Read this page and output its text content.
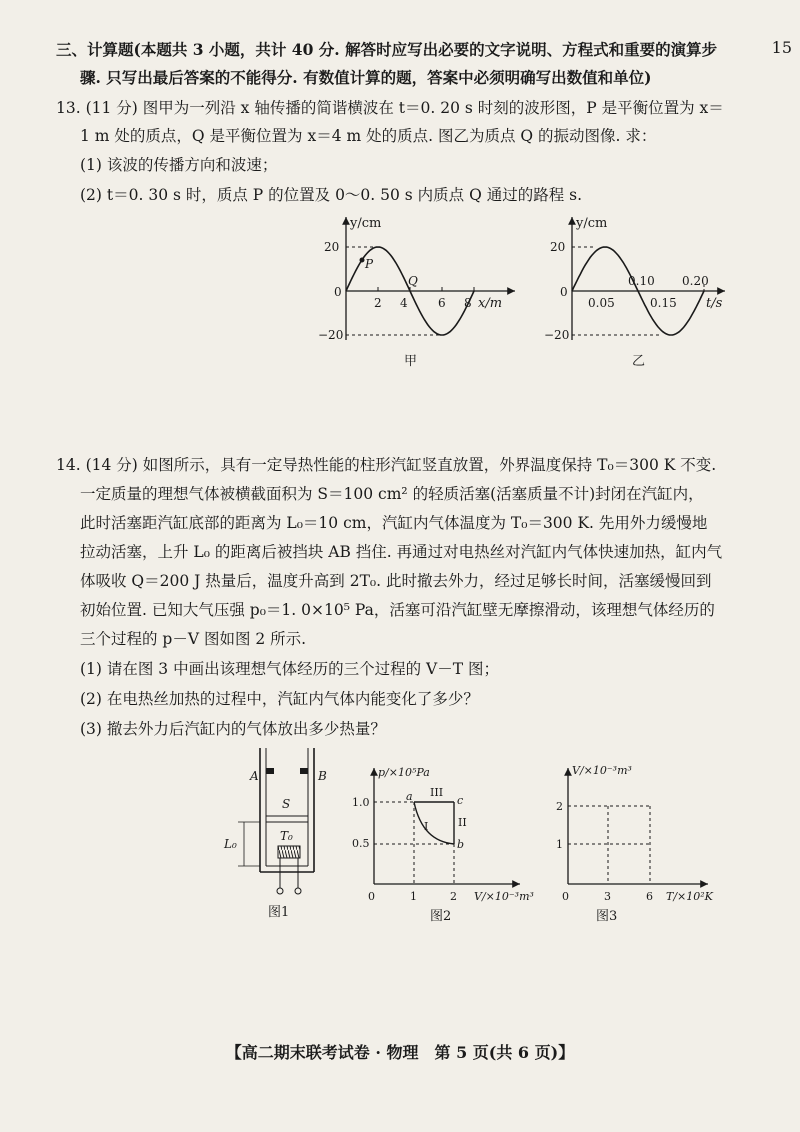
15
三、计算题(本题共 3 小题，共计 40 分. 解答时应写出必要的文字说明、方程式和重要的演算步
骤. 只写出最后答案的不能得分. 有数值计算的题，答案中必须明确写出数值和单位)
13. (11 分) 图甲为一列沿 x 轴传播的简谐横波在 t＝0. 20 s 时刻的波形图，P 是平衡位置为 x＝
1 m 处的质点，Q 是平衡位置为 x＝4 m 处的质点. 图乙为质点 Q 的振动图像. 求：
(1) 该波的传播方向和波速；
(2) t＝0. 30 s 时，质点 P 的位置及 0～0. 50 s 内质点 Q 通过的路程 s.
y/cm
x/m
20
0
−20
2 4	6 8
P
Q
甲
y/cm
t/s
20
0
−20
0.05
0.10
0.15
0.20
乙
14. (14 分) 如图所示，具有一定导热性能的柱形汽缸竖直放置，外界温度保持 T₀＝300 K 不变.
一定质量的理想气体被横截面积为 S＝100 cm² 的轻质活塞(活塞质量不计)封闭在汽缸内，
此时活塞距汽缸底部的距离为 L₀＝10 cm，汽缸内气体温度为 T₀＝300 K. 先用外力缓慢地
拉动活塞，上升 L₀ 的距离后被挡块 AB 挡住. 再通过对电热丝对汽缸内气体快速加热，缸内气
体吸收 Q＝200 J 热量后，温度升高到 2T₀. 此时撤去外力，经过足够长时间，活塞缓慢回到
初始位置. 已知大气压强 p₀＝1. 0×10⁵ Pa，活塞可沿汽缸壁无摩擦滑动，该理想气体经历的
三个过程的 p－V 图如图 2 所示.
(1) 请在图 3 中画出该理想气体经历的三个过程的 V－T 图；
(2) 在电热丝加热的过程中，汽缸内气体内能变化了多少？
(3) 撤去外力后汽缸内的气体放出多少热量？
A	B
S
T₀
L₀
图1
p/×10⁵Pa
V/×10⁻³m³
1.0
0.5
0	1	2
a	c
b
I	II
III
图2
V/×10⁻³m³
T/×10²K
2
1
0	3	6
图3
【高二期末联考试卷 · 物理　第 5 页(共 6 页)】
